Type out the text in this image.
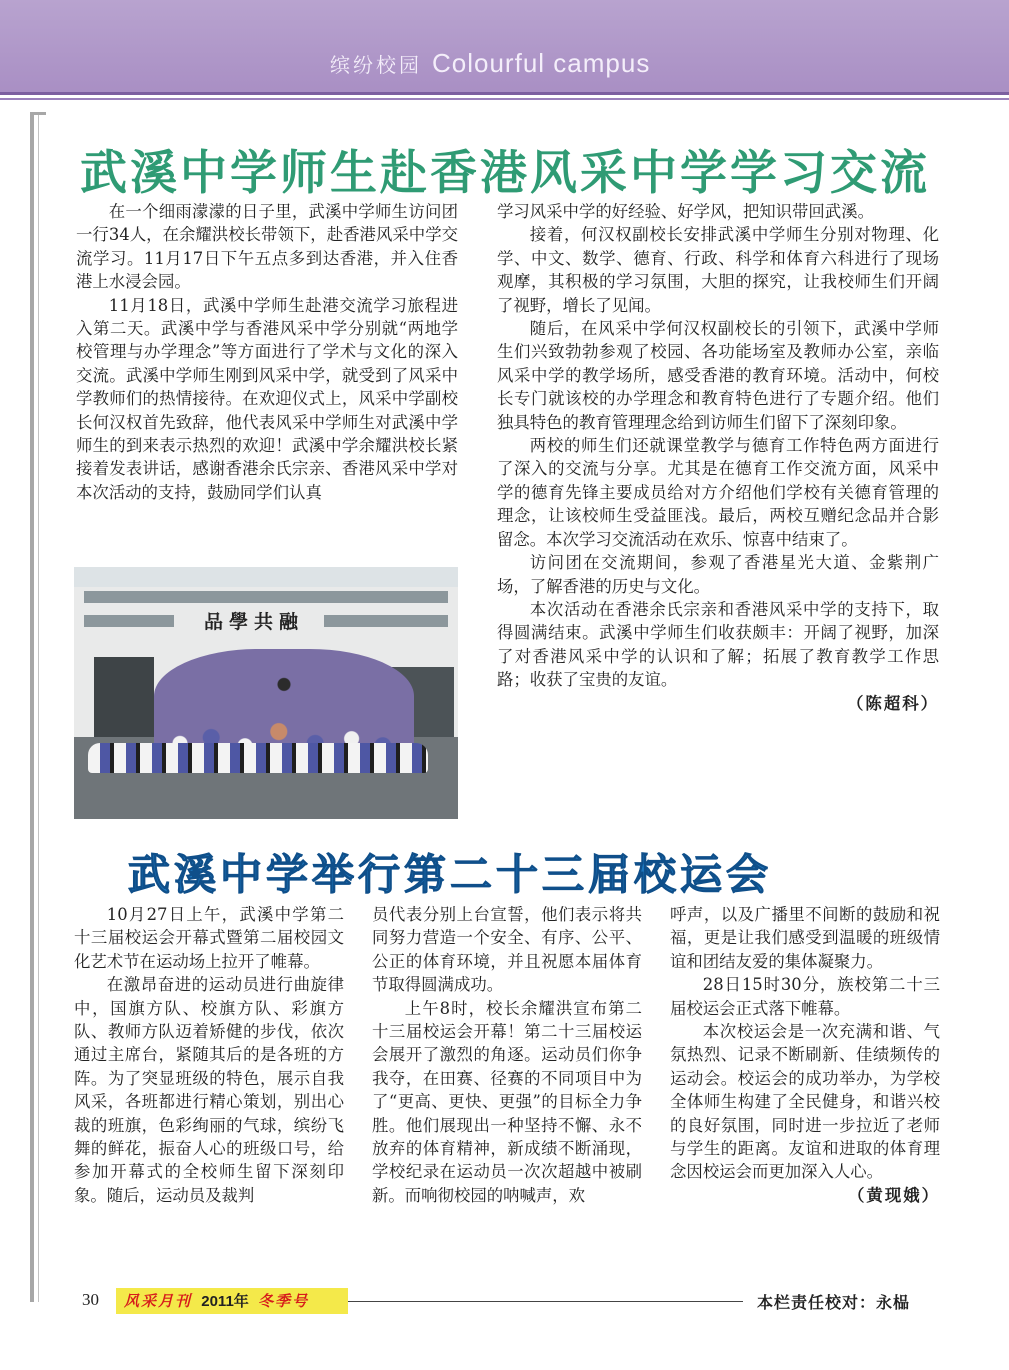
缤纷校园 Colourful campus
武溪中学师生赴香港风采中学学习交流

在一个细雨濛濛的日子里，武溪中学师生访问团一行34人，在余耀洪校长带领下，赴香港风采中学交流学习。11月17日下午五点多到达香港，并入住香港上水浸会园。

11月18日，武溪中学师生赴港交流学习旅程进入第二天。武溪中学与香港风采中学分别就“两地学校管理与办学理念”等方面进行了学术与文化的深入交流。武溪中学师生刚到风采中学，就受到了风采中学教师们的热情接待。在欢迎仪式上，风采中学副校长何汉权首先致辞，他代表风采中学师生对武溪中学师生的到来表示热烈的欢迎！武溪中学余耀洪校长紧接着发表讲话，感谢香港余氏宗亲、香港风采中学对本次活动的支持，鼓励同学们认真

品學共融

学习风采中学的好经验、好学风，把知识带回武溪。

接着，何汉权副校长安排武溪中学师生分别对物理、化学、中文、数学、德育、行政、科学和体育六科进行了现场观摩，其积极的学习氛围，大胆的探究，让我校师生们开阔了视野，增长了见闻。

随后，在风采中学何汉权副校长的引领下，武溪中学师生们兴致勃勃参观了校园、各功能场室及教师办公室，亲临风采中学的教学场所，感受香港的教育环境。活动中，何校长专门就该校的办学理念和教育特色进行了专题介绍。他们独具特色的教育管理理念给到访师生们留下了深刻印象。

两校的师生们还就课堂教学与德育工作特色两方面进行了深入的交流与分享。尤其是在德育工作交流方面，风采中学的德育先锋主要成员给对方介绍他们学校有关德育管理的理念，让该校师生受益匪浅。最后，两校互赠纪念品并合影留念。本次学习交流活动在欢乐、惊喜中结束了。

访问团在交流期间，参观了香港星光大道、金紫荆广场，了解香港的历史与文化。

本次活动在香港余氏宗亲和香港风采中学的支持下，取得圆满结束。武溪中学师生们收获颇丰：开阔了视野，加深了对香港风采中学的认识和了解；拓展了教育教学工作思路；收获了宝贵的友谊。

（陈超科）
武溪中学举行第二十三届校运会

10月27日上午，武溪中学第二十三届校运会开幕式暨第二届校园文化艺术节在运动场上拉开了帷幕。

在激昂奋进的运动员进行曲旋律中，国旗方队、校旗方队、彩旗方队、教师方队迈着矫健的步伐，依次通过主席台，紧随其后的是各班的方阵。为了突显班级的特色，展示自我风采，各班都进行精心策划，别出心裁的班旗，色彩绚丽的气球，缤纷飞舞的鲜花，振奋人心的班级口号，给参加开幕式的全校师生留下深刻印象。随后，运动员及裁判

员代表分别上台宣誓，他们表示将共同努力营造一个安全、有序、公平、公正的体育环境，并且祝愿本届体育节取得圆满成功。

上午8时，校长余耀洪宣布第二十三届校运会开幕！第二十三届校运会展开了激烈的角逐。运动员们你争我夺，在田赛、径赛的不同项目中为了“更高、更快、更强”的目标全力争胜。他们展现出一种坚持不懈、永不放弃的体育精神，新成绩不断涌现，学校纪录在运动员一次次超越中被刷新。而响彻校园的呐喊声，欢

呼声，以及广播里不间断的鼓励和祝福，更是让我们感受到温暖的班级情谊和团结友爱的集体凝聚力。

28日15时30分，族校第二十三届校运会正式落下帷幕。

本次校运会是一次充满和谐、气氛热烈、记录不断刷新、佳绩频传的运动会。校运会的成功举办，为学校全体师生构建了全民健身，和谐兴校的良好氛围，同时进一步拉近了老师与学生的距离。友谊和进取的体育理念因校运会而更加深入人心。

（黄现娥）
30	风采月刊 2011年 冬季号	本栏责任校对：永榀
